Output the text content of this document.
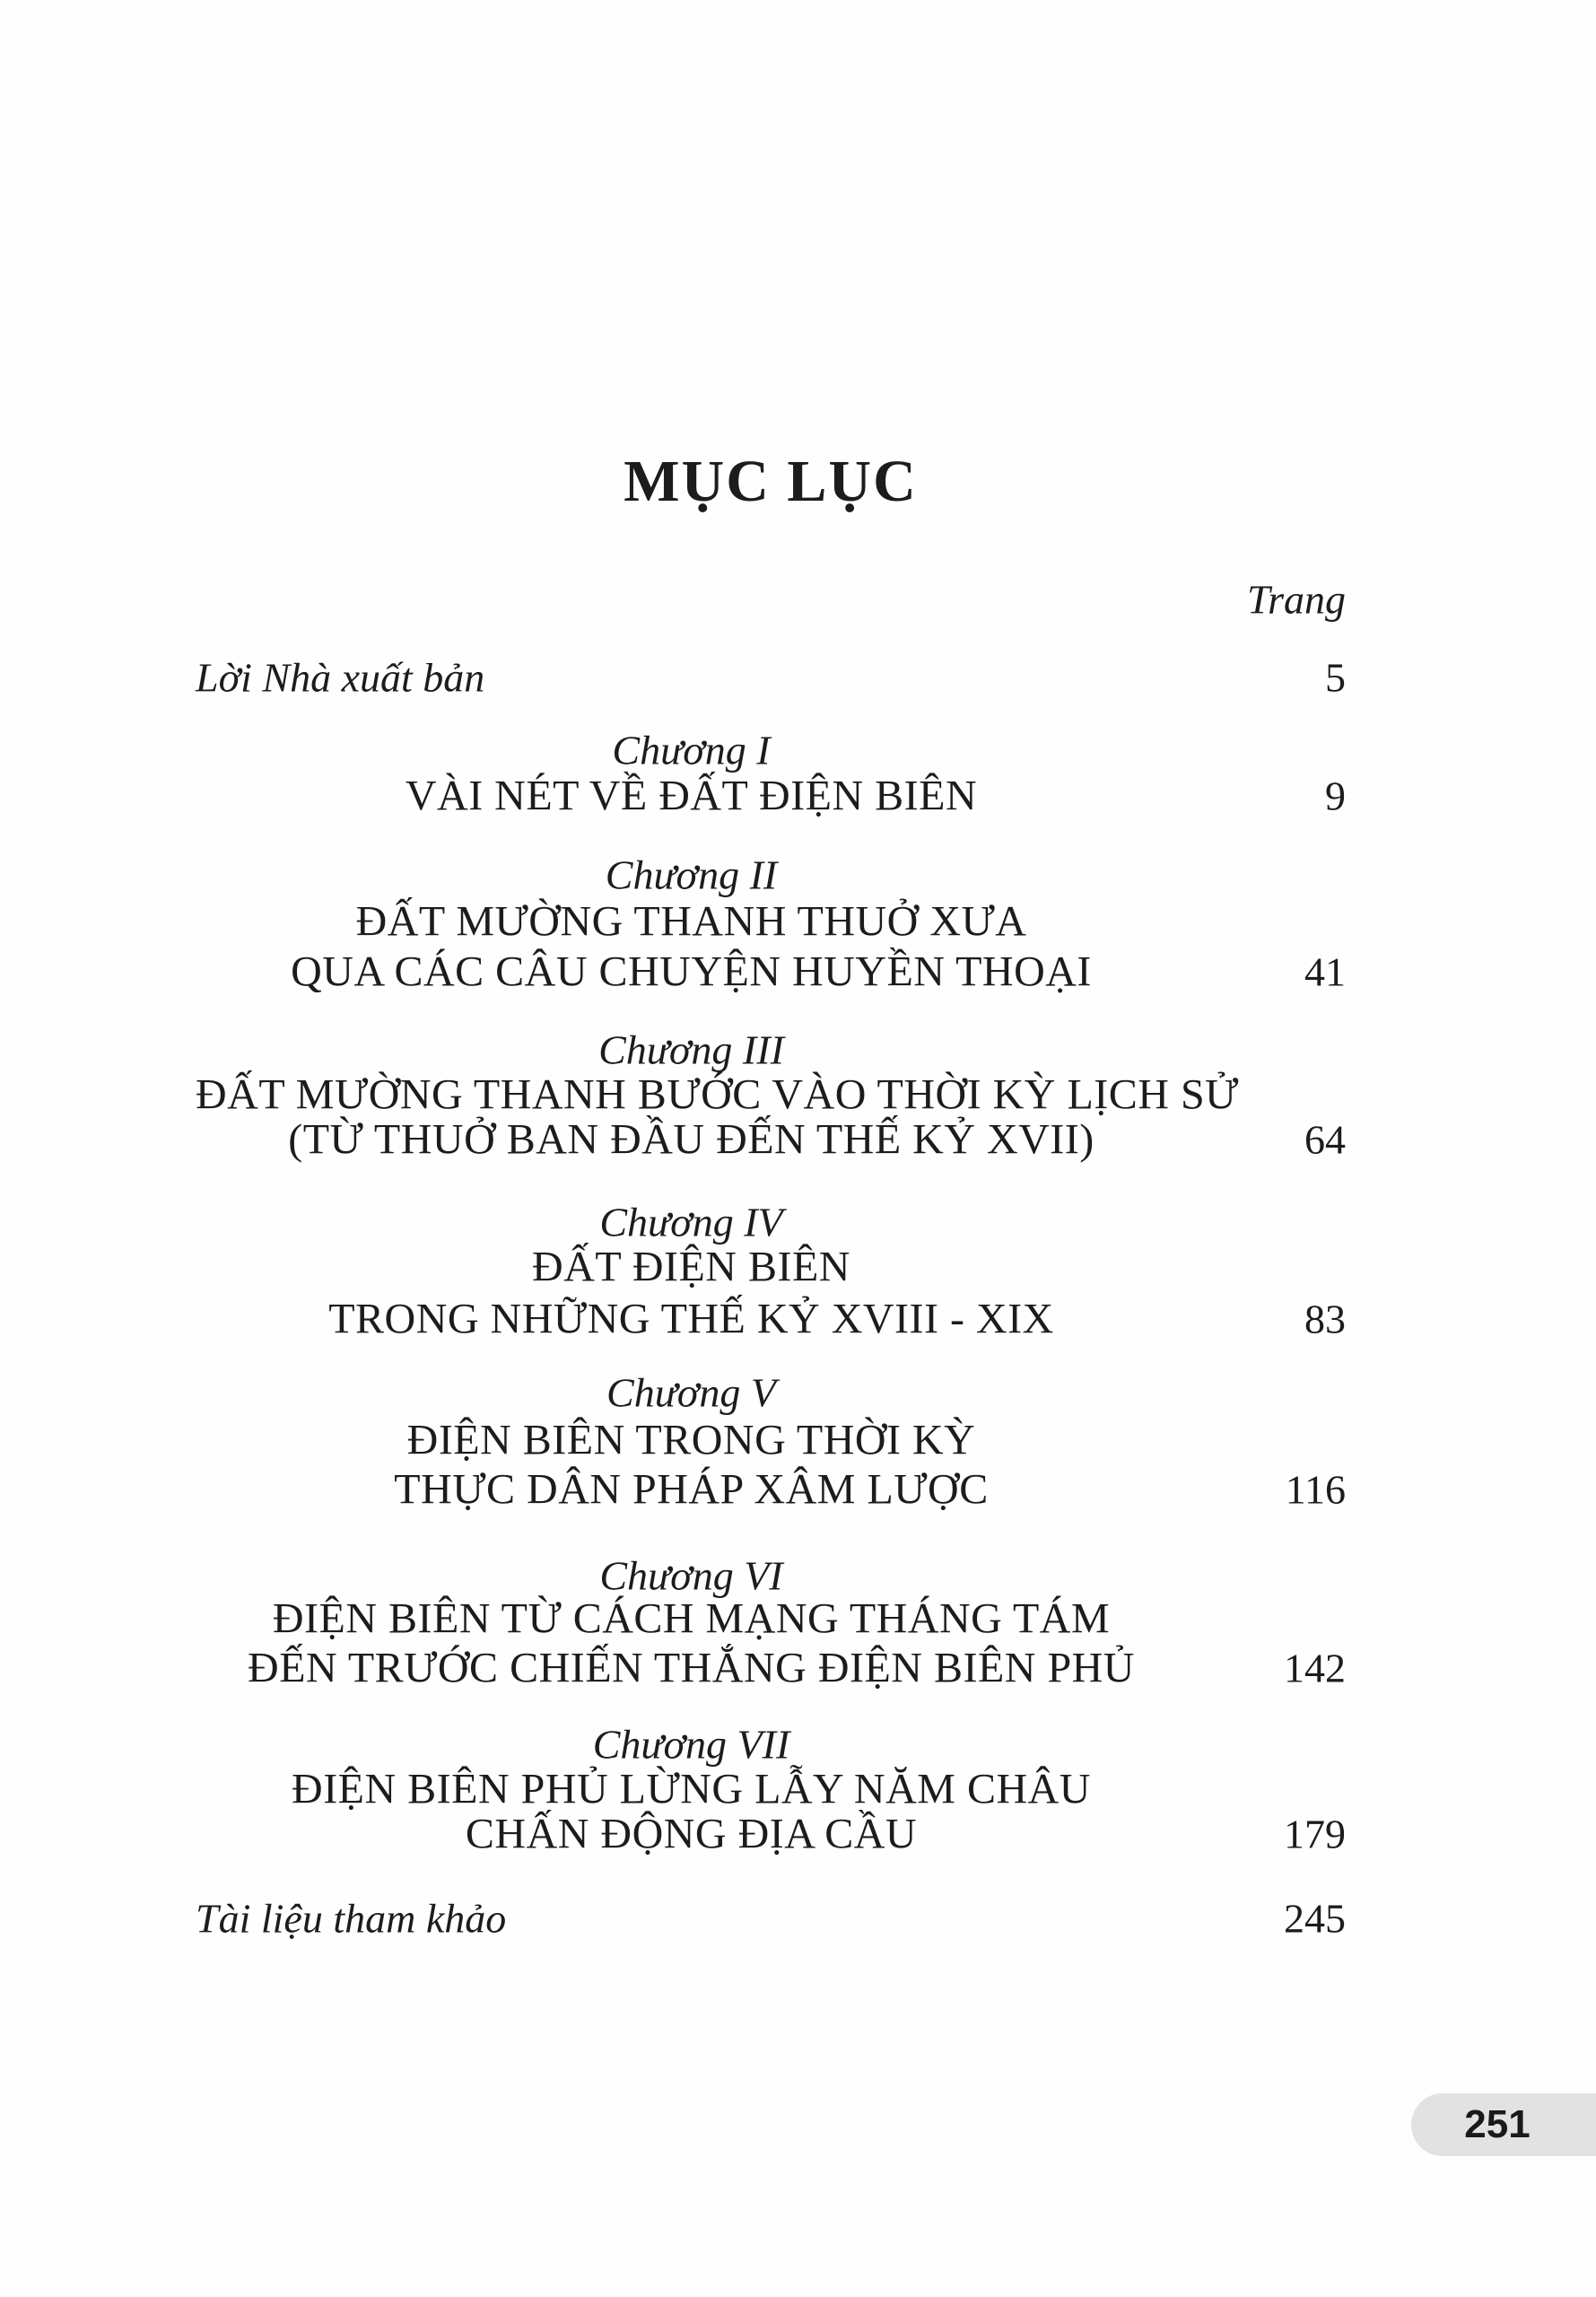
MỤC LỤC
Trang
Lời Nhà xuất bản	5
Chương I
VÀI NÉT VỀ ĐẤT ĐIỆN BIÊN	9
Chương II
ĐẤT MƯỜNG THANH THUỞ XƯA
QUA CÁC CÂU CHUYỆN HUYỀN THOẠI	41
Chương III
ĐẤT MƯỜNG THANH BƯỚC VÀO THỜI KỲ LỊCH SỬ
(TỪ THUỞ BAN ĐẦU ĐẾN THẾ KỶ XVII)	64
Chương IV
ĐẤT ĐIỆN BIÊN
TRONG NHỮNG THẾ KỶ XVIII - XIX	83
Chương V
ĐIỆN BIÊN TRONG THỜI KỲ
THỰC DÂN PHÁP XÂM LƯỢC	116
Chương VI
ĐIỆN BIÊN TỪ CÁCH MẠNG THÁNG TÁM
ĐẾN TRƯỚC CHIẾN THẮNG ĐIỆN BIÊN PHỦ	142
Chương VII
ĐIỆN BIÊN PHỦ LỪNG LẪY NĂM CHÂU
CHẤN ĐỘNG ĐỊA CẦU	179
Tài liệu tham khảo	245
251
